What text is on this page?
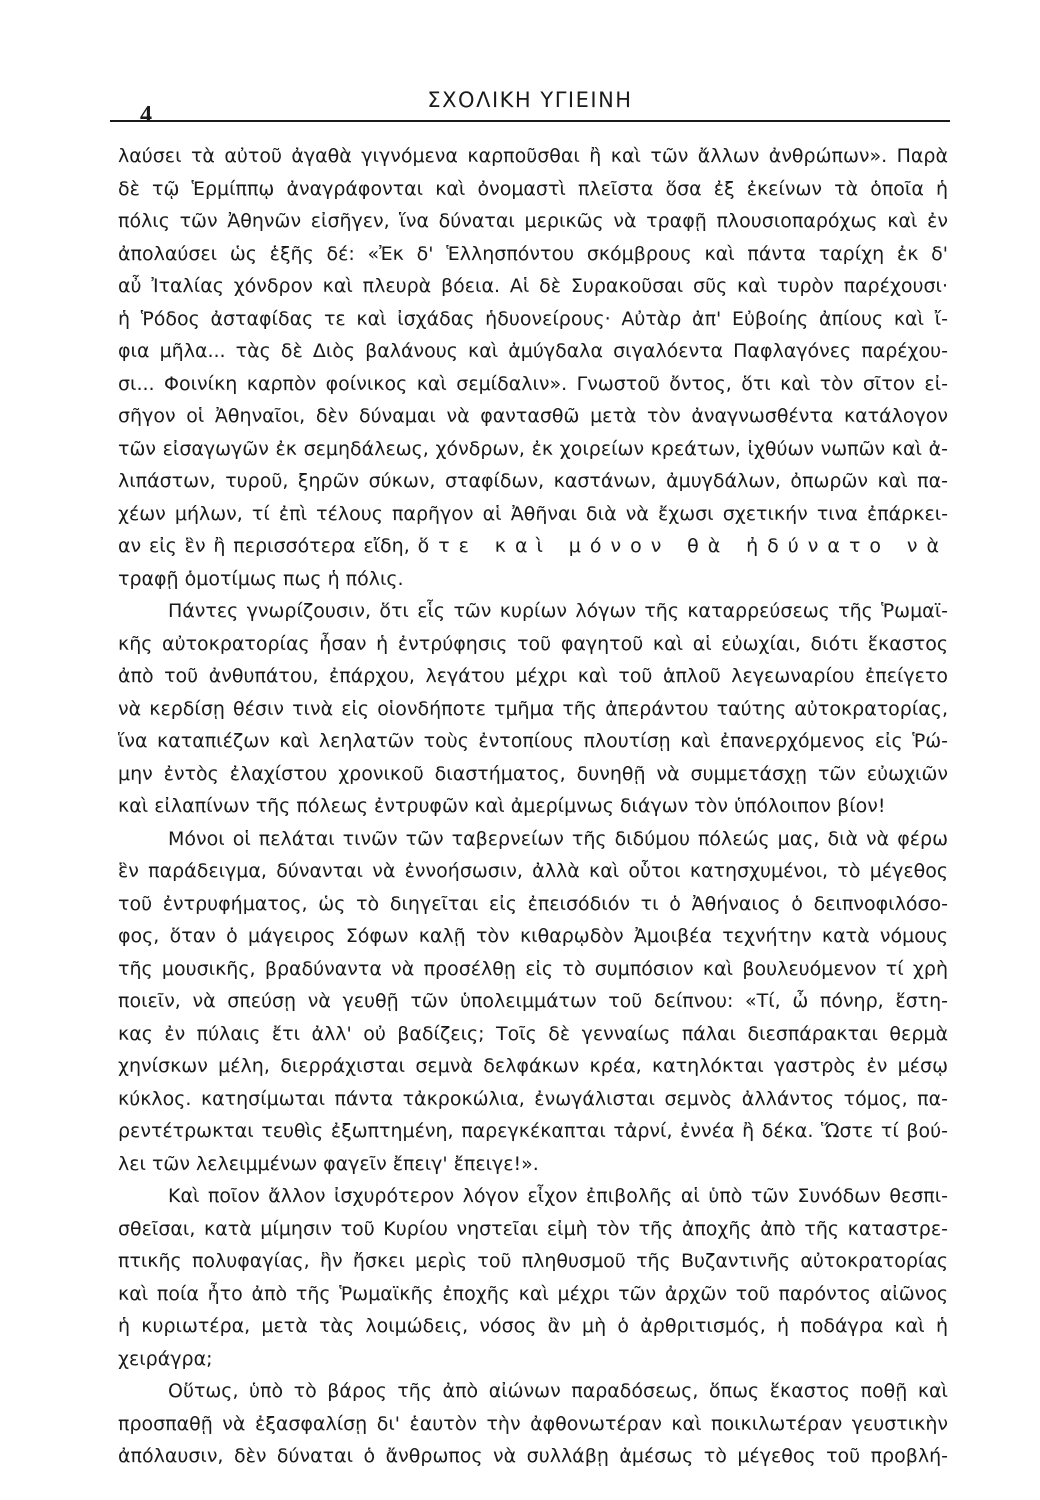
4
ΣΧΟΛΙΚΗ ΥΓΙΕΙΝΗ
λαύσει τὰ αὐτοῦ ἀγαθὰ γιγνόμενα καρποῦσθαι ἢ καὶ τῶν ἄλλων ἀνθρώπων». Παρὰ
δὲ τῷ Ἑρμίππῳ ἀναγράφονται καὶ ὀνομαστὶ πλεῖστα ὅσα ἐξ ἐκείνων τὰ ὁποῖα ἡ
πόλις τῶν Ἀθηνῶν εἰσῆγεν, ἵνα δύναται μερικῶς νὰ τραφῇ πλουσιοπαρόχως καὶ ἐν
ἀπολαύσει ὡς ἑξῆς δέ: «Ἐκ δ' Ἑλλησπόντου σκόμβρους καὶ πάντα ταρίχη ἐκ δ'
αὖ Ἰταλίας χόνδρον καὶ πλευρὰ βόεια. Αἱ δὲ Συρακοῦσαι σῦς καὶ τυρὸν παρέχουσι·
ἡ Ῥόδος ἀσταφίδας τε καὶ ἰσχάδας ἡδυονείρους· Αὐτὰρ ἀπ' Εὐβοίης ἀπίους καὶ ἴ-
φια μῆλα... τὰς δὲ Διὸς βαλάνους καὶ ἀμύγδαλα σιγαλόεντα Παφλαγόνες παρέχου-
σι... Φοινίκη καρπὸν φοίνικος καὶ σεμίδαλιν». Γνωστοῦ ὄντος, ὅτι καὶ τὸν σῖτον εἰ-
σῆγον οἱ Ἀθηναῖοι, δὲν δύναμαι νὰ φαντασθῶ μετὰ τὸν ἀναγνωσθέντα κατάλογον
τῶν εἰσαγωγῶν ἐκ σεμηδάλεως, χόνδρων, ἐκ χοιρείων κρεάτων, ἰχθύων νωπῶν καὶ ἀ-
λιπάστων, τυροῦ, ξηρῶν σύκων, σταφίδων, καστάνων, ἀμυγδάλων, ὀπωρῶν καὶ πα-
χέων μήλων, τί ἐπὶ τέλους παρῆγον αἱ Ἀθῆναι διὰ νὰ ἔχωσι σχετικήν τινα ἐπάρκει-
αν εἰς ἓν ἢ περισσότερα εἴδη, ὅτε καὶ μόνον θὰ ἠδύνατο νὰ
τραφῇ ὁμοτίμως πως ἡ πόλις.
Πάντες γνωρίζουσιν, ὅτι εἷς τῶν κυρίων λόγων τῆς καταρρεύσεως τῆς Ῥωμαϊ-
κῆς αὐτοκρατορίας ἦσαν ἡ ἐντρύφησις τοῦ φαγητοῦ καὶ αἱ εὐωχίαι, διότι ἕκαστος
ἀπὸ τοῦ ἀνθυπάτου, ἐπάρχου, λεγάτου μέχρι καὶ τοῦ ἁπλοῦ λεγεωναρίου ἐπείγετο
νὰ κερδίσῃ θέσιν τινὰ εἰς οἱονδήποτε τμῆμα τῆς ἀπεράντου ταύτης αὐτοκρατορίας,
ἵνα καταπιέζων καὶ λεηλατῶν τοὺς ἐντοπίους πλουτίσῃ καὶ ἐπανερχόμενος εἰς Ῥώ-
μην ἐντὸς ἐλαχίστου χρονικοῦ διαστήματος, δυνηθῇ νὰ συμμετάσχῃ τῶν εὐωχιῶν
καὶ εἰλαπίνων τῆς πόλεως ἐντρυφῶν καὶ ἀμερίμνως διάγων τὸν ὑπόλοιπον βίον!
Μόνοι οἱ πελάται τινῶν τῶν ταβερνείων τῆς διδύμου πόλεώς μας, διὰ νὰ φέρω
ἓν παράδειγμα, δύνανται νὰ ἐννοήσωσιν, ἀλλὰ καὶ οὗτοι κατησχυμένοι, τὸ μέγεθος
τοῦ ἐντρυφήματος, ὡς τὸ διηγεῖται εἰς ἐπεισόδιόν τι ὁ Ἀθήναιος ὁ δειπνοφιλόσο-
φος, ὅταν ὁ μάγειρος Σόφων καλῇ τὸν κιθαρῳδὸν Ἀμοιβέα τεχνήτην κατὰ νόμους
τῆς μουσικῆς, βραδύναντα νὰ προσέλθῃ εἰς τὸ συμπόσιον καὶ βουλευόμενον τί χρὴ
ποιεῖν, νὰ σπεύσῃ νὰ γευθῇ τῶν ὑπολειμμάτων τοῦ δείπνου: «Τί, ὦ πόνηρ, ἕστη-
κας ἐν πύλαις ἔτι ἀλλ' οὐ βαδίζεις; Τοῖς δὲ γενναίως πάλαι διεσπάρακται θερμὰ
χηνίσκων μέλη, διερράχισται σεμνὰ δελφάκων κρέα, κατηλόκται γαστρὸς ἐν μέσῳ
κύκλος. κατησίμωται πάντα τἀκροκώλια, ἐνωγάλισται σεμνὸς ἀλλάντος τόμος, πα-
ρεντέτρωκται τευθὶς ἐξωπτημένη, παρεγκέκαπται τἀρνί, ἐννέα ἢ δέκα. Ὥστε τί βού-
λει τῶν λελειμμένων φαγεῖν ἔπειγ' ἔπειγε!».
Καὶ ποῖον ἄλλον ἰσχυρότερον λόγον εἶχον ἐπιβολῆς αἱ ὑπὸ τῶν Συνόδων θεσπι-
σθεῖσαι, κατὰ μίμησιν τοῦ Κυρίου νηστεῖαι εἰμὴ τὸν τῆς ἀποχῆς ἀπὸ τῆς καταστρε-
πτικῆς πολυφαγίας, ἣν ἤσκει μερὶς τοῦ πληθυσμοῦ τῆς Βυζαντινῆς αὐτοκρατορίας
καὶ ποία ἦτο ἀπὸ τῆς Ῥωμαϊκῆς ἐποχῆς καὶ μέχρι τῶν ἀρχῶν τοῦ παρόντος αἰῶνος
ἡ κυριωτέρα, μετὰ τὰς λοιμώδεις, νόσος ἂν μὴ ὁ ἀρθριτισμός, ἡ ποδάγρα καὶ ἡ
χειράγρα;
Οὕτως, ὑπὸ τὸ βάρος τῆς ἀπὸ αἰώνων παραδόσεως, ὅπως ἕκαστος ποθῇ καὶ
προσπαθῇ νὰ ἐξασφαλίσῃ δι' ἑαυτὸν τὴν ἀφθονωτέραν καὶ ποικιλωτέραν γευστικὴν
ἀπόλαυσιν, δὲν δύναται ὁ ἄνθρωπος νὰ συλλάβῃ ἀμέσως τὸ μέγεθος τοῦ προβλή-
